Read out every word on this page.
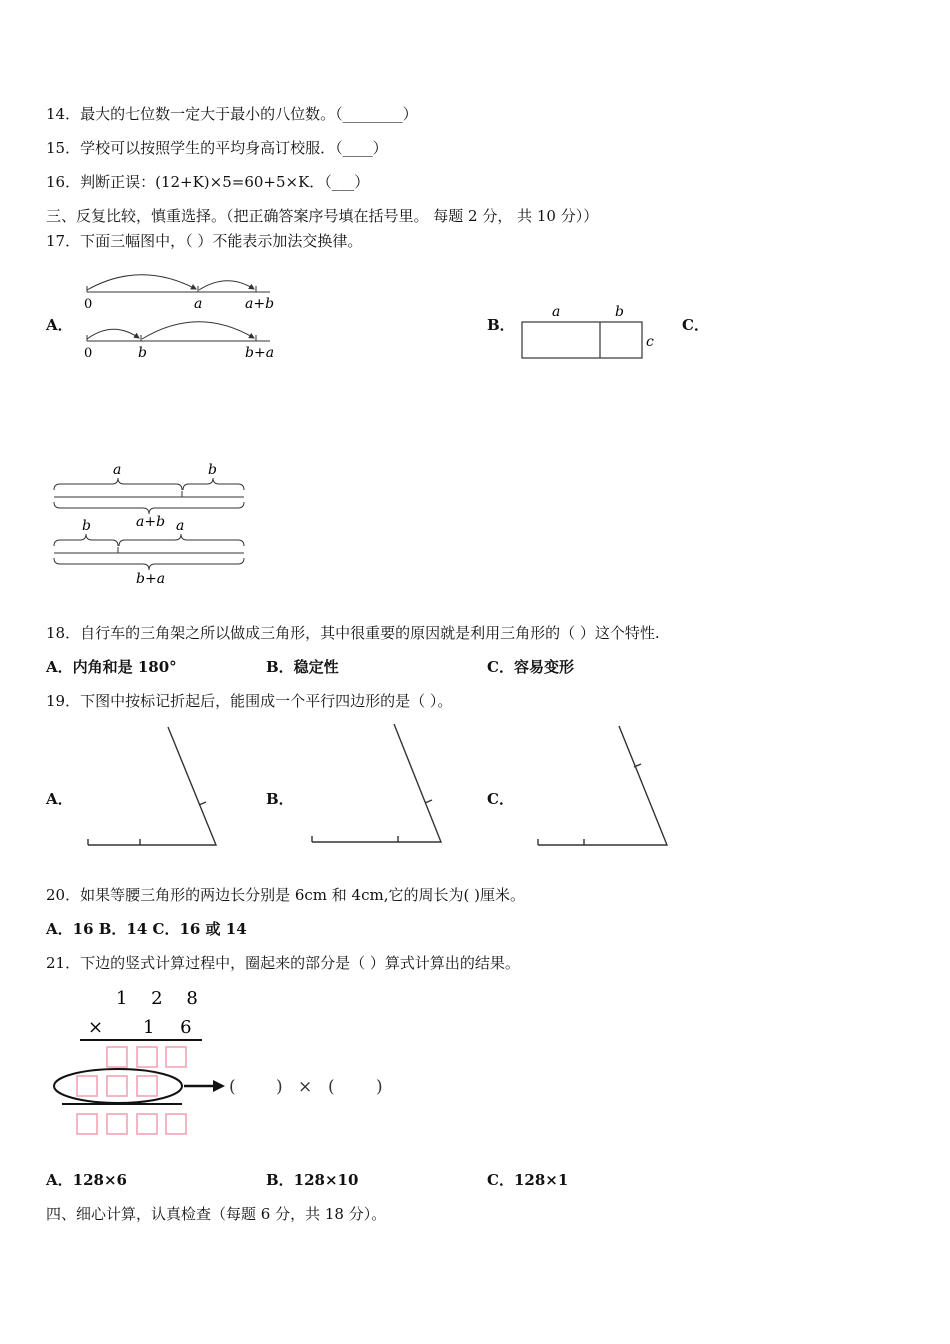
14．最大的七位数一定大于最小的八位数。（________）
15．学校可以按照学生的平均身高订校服．（____）
16．判断正误：(12+K)×5=60+5×K．（___）
三、反复比较，慎重选择。（把正确答案序号填在括号里。 每题 2 分， 共 10 分））
17．下面三幅图中，（ ）不能表示加法交换律。
A．	B．	C．
0	a	a+b
0	b	b+a
a	b
c
a	b
a+b
b	a
b+a
18．自行车的三角架之所以做成三角形，其中很重要的原因就是利用三角形的（ ）这个特性.
A．内角和是 180°	B．稳定性	C．容易变形
19．下图中按标记折起后，能围成一个平行四边形的是（ ）。
A．	B．	C．
20．如果等腰三角形的两边长分别是 6cm 和 4cm,它的周长为( )厘米。
A．16 B．14 C．16 或 14
21．下边的竖式计算过程中，圈起来的部分是（ ）算式计算出的结果。
1 2 8
× 1 6
( ) × ( )
A．128×6	B．128×10	C．128×1
四、细心计算，认真检查（每题 6 分，共 18 分）。
